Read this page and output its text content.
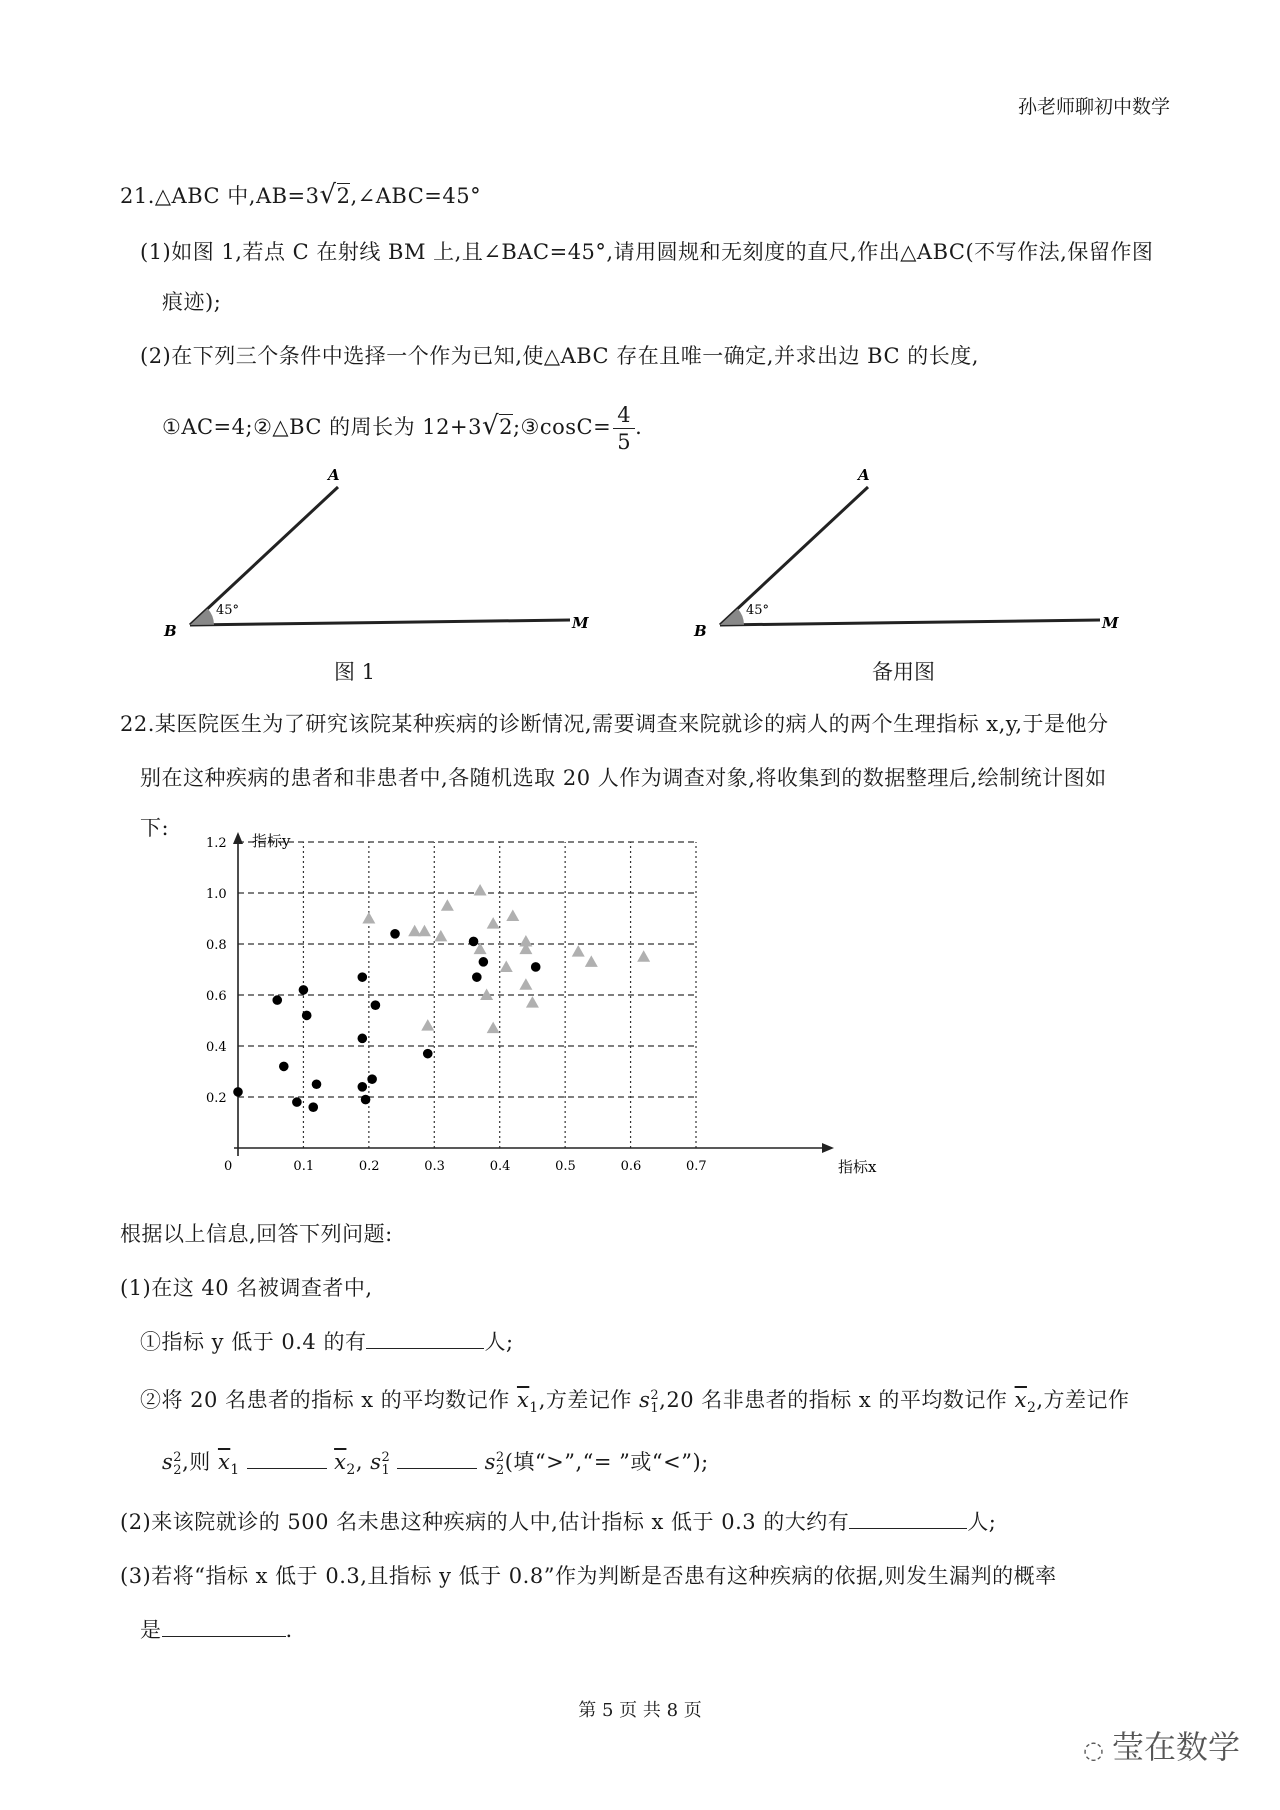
孙老师聊初中数学
21.△ABC 中,AB=3√2,∠ABC=45°
(1)如图 1,若点 C 在射线 BM 上,且∠BAC=45°,请用圆规和无刻度的直尺,作出△ABC(不写作法,保留作图
痕迹);
(2)在下列三个条件中选择一个作为已知,使△ABC 存在且唯一确定,并求出边 BC 的长度,
①AC=4;②△BC 的周长为 12+3√2;③cosC= $\frac{4}{5}$ .
A
B	M
45°
A
B	M
45°
图 1	备用图
22.某医院医生为了研究该院某种疾病的诊断情况,需要调查来院就诊的病人的两个生理指标 x,y,于是他分
别在这种疾病的患者和非患者中,各随机选取 20 人作为调查对象,将收集到的数据整理后,绘制统计图如
下:
0.2
0.4
0.6
0.8
1.0
1.2
0	0.1	0.2	0.3	0.4	0.5	0.6	0.7
指标y
指标x
根据以上信息,回答下列问题:
(1)在这 40 名被调查者中,
①指标 y 低于 0.4 的有	人;
②将 20 名患者的指标 x 的平均数记作 $\overline{x}_1$,方差记作 s 2
1 ,20 名非患者的指标 x 的平均数记作 $\overline{x}_2$,方差记作
s 2
2 ,则 $\overline{x}_1$	$\overline{x}_2$, s 2
1	s 2
2 (填“>”,“= ”或“<”);
(2)来该院就诊的 500 名未患这种疾病的人中,估计指标 x 低于 0.3 的大约有	人;
(3)若将“指标 x 低于 0.3,且指标 y 低于 0.8”作为判断是否患有这种疾病的依据,则发生漏判的概率
是	.
第 5 页 共 8 页
◌ 莹在数学
